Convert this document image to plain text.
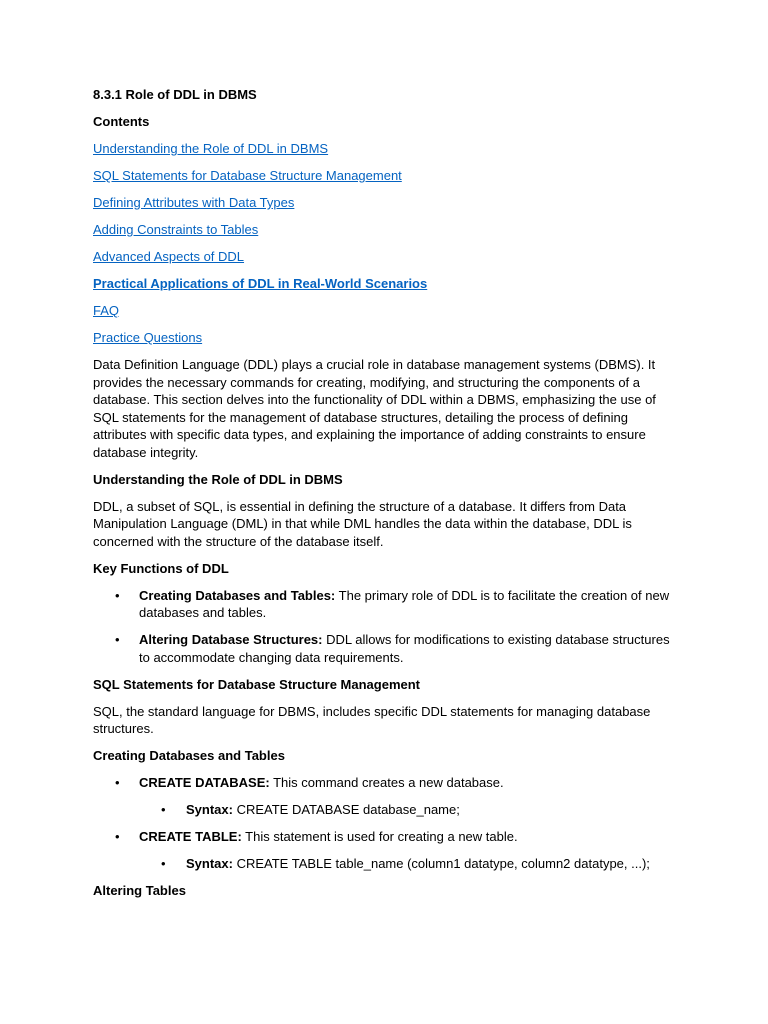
8.3.1 Role of DDL in DBMS
Contents
Understanding the Role of DDL in DBMS
SQL Statements for Database Structure Management
Defining Attributes with Data Types
Adding Constraints to Tables
Advanced Aspects of DDL
Practical Applications of DDL in Real-World Scenarios
FAQ
Practice Questions

Data Definition Language (DDL) plays a crucial role in database management systems (DBMS). It provides the necessary commands for creating, modifying, and structuring the components of a database. This section delves into the functionality of DDL within a DBMS, emphasizing the use of SQL statements for the management of database structures, detailing the process of defining attributes with specific data types, and explaining the importance of adding constraints to ensure database integrity.

Understanding the Role of DDL in DBMS

DDL, a subset of SQL, is essential in defining the structure of a database. It differs from Data Manipulation Language (DML) in that while DML handles the data within the database, DDL is concerned with the structure of the database itself.

Key Functions of DDL
• Creating Databases and Tables: The primary role of DDL is to facilitate the creation of new databases and tables.
• Altering Database Structures: DDL allows for modifications to existing database structures to accommodate changing data requirements.
SQL Statements for Database Structure Management

SQL, the standard language for DBMS, includes specific DDL statements for managing database structures.

Creating Databases and Tables
• CREATE DATABASE: This command creates a new database.
• Syntax: CREATE DATABASE database_name;
• CREATE TABLE: This statement is used for creating a new table.
• Syntax: CREATE TABLE table_name (column1 datatype, column2 datatype, ...);
Altering Tables
